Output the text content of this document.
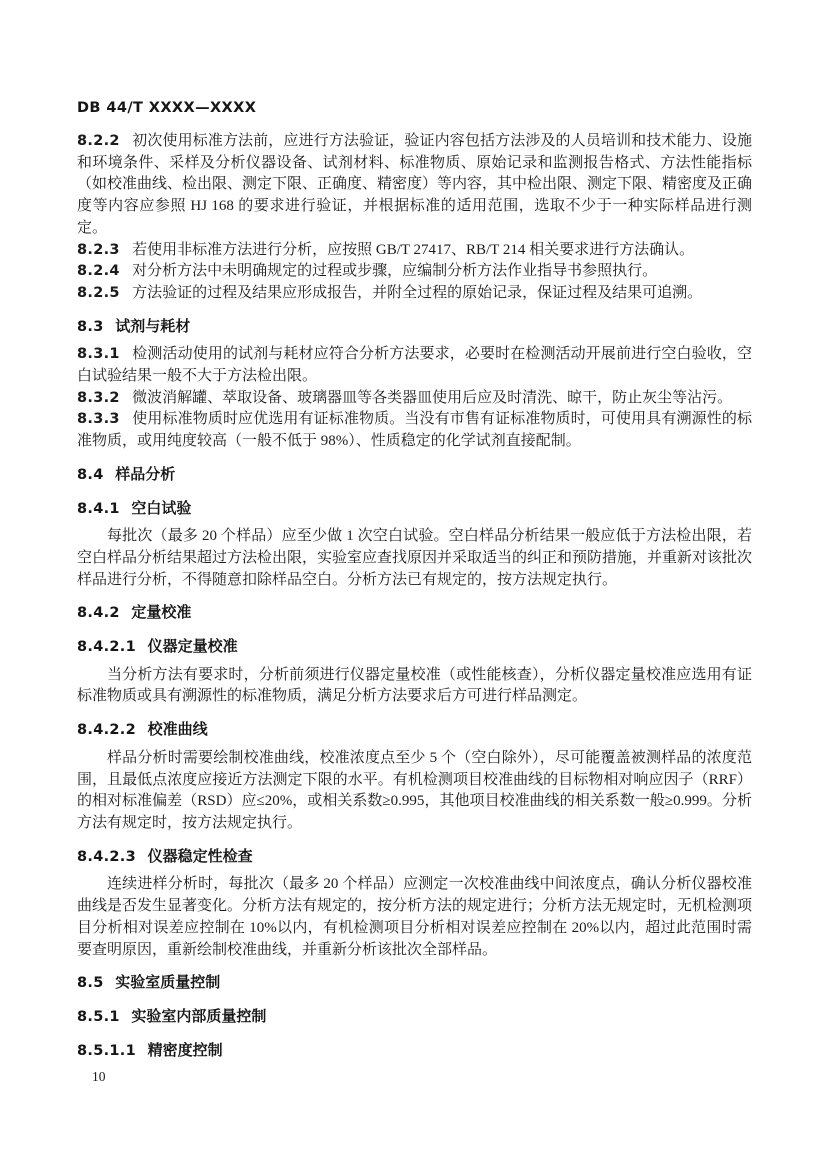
DB 44/T XXXX—XXXX

8.2.2 初次使用标准方法前，应进行方法验证，验证内容包括方法涉及的人员培训和技术能力、设施和环境条件、采样及分析仪器设备、试剂材料、标准物质、原始记录和监测报告格式、方法性能指标（如校准曲线、检出限、测定下限、正确度、精密度）等内容，其中检出限、测定下限、精密度及正确度等内容应参照 HJ 168 的要求进行验证，并根据标准的适用范围，选取不少于一种实际样品进行测定。

8.2.3 若使用非标准方法进行分析，应按照 GB/T 27417、RB/T 214 相关要求进行方法确认。

8.2.4 对分析方法中未明确规定的过程或步骤，应编制分析方法作业指导书参照执行。

8.2.5 方法验证的过程及结果应形成报告，并附全过程的原始记录，保证过程及结果可追溯。

8.3 试剂与耗材

8.3.1 检测活动使用的试剂与耗材应符合分析方法要求，必要时在检测活动开展前进行空白验收，空白试验结果一般不大于方法检出限。

8.3.2 微波消解罐、萃取设备、玻璃器皿等各类器皿使用后应及时清洗、晾干，防止灰尘等沾污。

8.3.3 使用标准物质时应优选用有证标准物质。当没有市售有证标准物质时，可使用具有溯源性的标准物质，或用纯度较高（一般不低于 98%）、性质稳定的化学试剂直接配制。

8.4 样品分析
8.4.1 空白试验

每批次（最多 20 个样品）应至少做 1 次空白试验。空白样品分析结果一般应低于方法检出限，若空白样品分析结果超过方法检出限，实验室应查找原因并采取适当的纠正和预防措施，并重新对该批次样品进行分析，不得随意扣除样品空白。分析方法已有规定的，按方法规定执行。

8.4.2 定量校准
8.4.2.1 仪器定量校准

当分析方法有要求时，分析前须进行仪器定量校准（或性能核查），分析仪器定量校准应选用有证标准物质或具有溯源性的标准物质，满足分析方法要求后方可进行样品测定。

8.4.2.2 校准曲线

样品分析时需要绘制校准曲线，校准浓度点至少 5 个（空白除外），尽可能覆盖被测样品的浓度范围，且最低点浓度应接近方法测定下限的水平。有机检测项目校准曲线的目标物相对响应因子（RRF）的相对标准偏差（RSD）应≤20%，或相关系数≥0.995，其他项目校准曲线的相关系数一般≥0.999。分析方法有规定时，按方法规定执行。

8.4.2.3 仪器稳定性检查

连续进样分析时，每批次（最多 20 个样品）应测定一次校准曲线中间浓度点，确认分析仪器校准曲线是否发生显著变化。分析方法有规定的，按分析方法的规定进行；分析方法无规定时，无机检测项目分析相对误差应控制在 10%以内，有机检测项目分析相对误差应控制在 20%以内，超过此范围时需要查明原因，重新绘制校准曲线，并重新分析该批次全部样品。

8.5 实验室质量控制
8.5.1 实验室内部质量控制
8.5.1.1 精密度控制
10
